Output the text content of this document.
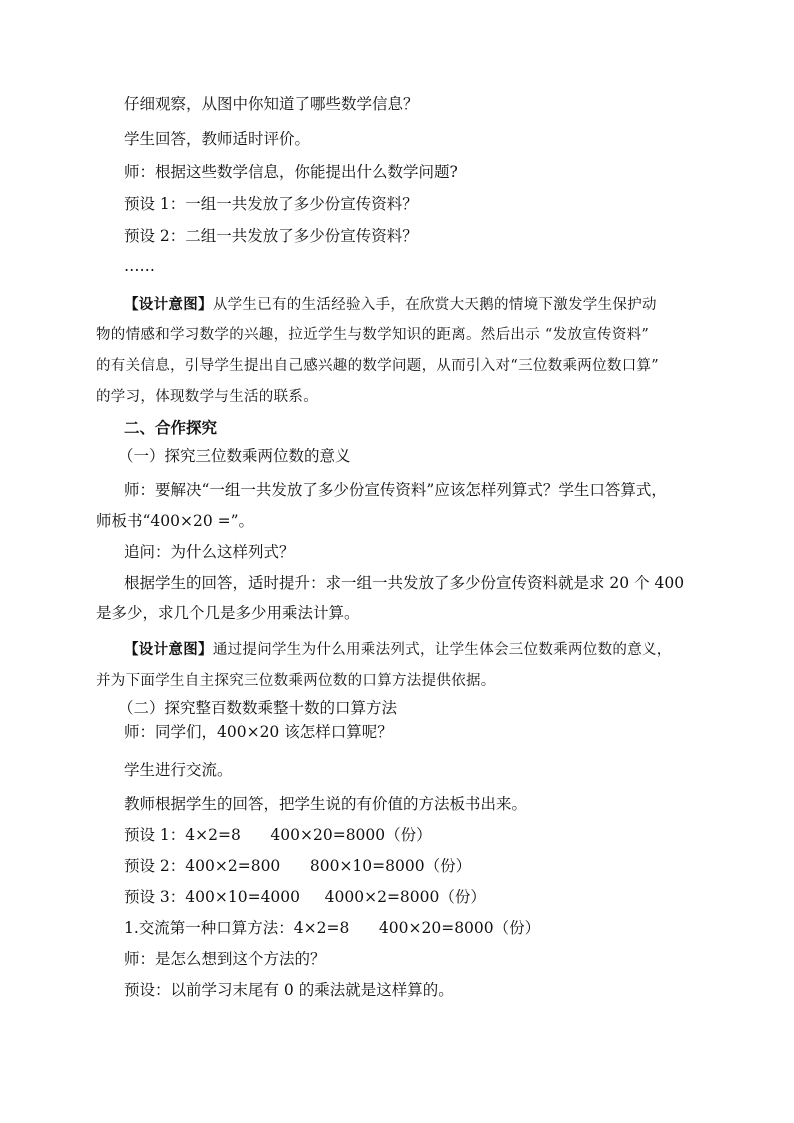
仔细观察，从图中你知道了哪些数学信息？
学生回答，教师适时评价。
师：根据这些数学信息，你能提出什么数学问题?
预设 1：一组一共发放了多少份宣传资料？
预设 2：二组一共发放了多少份宣传资料？
……
【设计意图】从学生已有的生活经验入手，在欣赏大天鹅的情境下激发学生保护动
物的情感和学习数学的兴趣，拉近学生与数学知识的距离。然后出示 “发放宣传资料”
的有关信息，引导学生提出自己感兴趣的数学问题，从而引入对“三位数乘两位数口算”
的学习，体现数学与生活的联系。
二、合作探究
（一）探究三位数乘两位数的意义
师：要解决“一组一共发放了多少份宣传资料”应该怎样列算式？学生口答算式，
师板书“400×20 =”。
追问：为什么这样列式？
根据学生的回答，适时提升：求一组一共发放了多少份宣传资料就是求 20 个 400
是多少，求几个几是多少用乘法计算。
【设计意图】通过提问学生为什么用乘法列式，让学生体会三位数乘两位数的意义，
并为下面学生自主探究三位数乘两位数的口算方法提供依据。
（二）探究整百数数乘整十数的口算方法
师：同学们，400×20 该怎样口算呢？
学生进行交流。
教师根据学生的回答，把学生说的有价值的方法板书出来。
预设 1：4×2=8      400×20=8000（份）
预设 2：400×2=800      800×10=8000（份）
预设 3：400×10=4000     4000×2=8000（份）
1.交流第一种口算方法：4×2=8      400×20=8000（份）
师：是怎么想到这个方法的？
预设：以前学习末尾有 0 的乘法就是这样算的。
